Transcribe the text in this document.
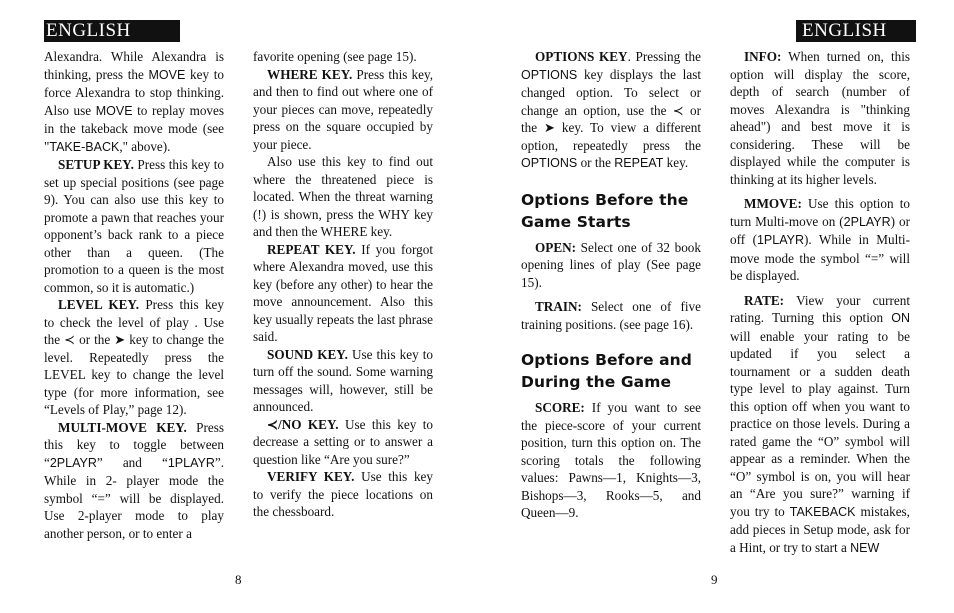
ENGLISH	ENGLISH

Alexandra. While Alexandra is thinking, press the MOVE key to force Alexandra to stop thinking. Also use MOVE to replay moves in the takeback move mode (see "TAKE-BACK," above).

SETUP KEY. Press this key to set up special positions (see page 9). You can also use this key to promote a pawn that reaches your opponent’s back rank to a piece other than a queen. (The promotion to a queen is the most common, so it is automatic.)

LEVEL KEY. Press this key to check the level of play . Use the ≺ or the ➤ key to change the level. Repeatedly press the LEVEL key to change the level type (for more information, see “Levels of Play,” page 12).

MULTI-MOVE KEY. Press this key to toggle between “2PLAYR” and “1PLAYR”. While in 2- player mode the symbol “=” will be displayed. Use 2-player mode to play another person, or to enter a

favorite opening (see page 15).

WHERE KEY. Press this key, and then to find out where one of your pieces can move, repeatedly press on the square occupied by your piece.

Also use this key to find out where the threatened piece is located. When the threat warning (!) is shown, press the WHY key and then the WHERE key.

REPEAT KEY. If you forgot where Alexandra moved, use this key (before any other) to hear the move announcement. Also this key usually repeats the last phrase said.

SOUND KEY. Use this key to turn off the sound. Some warning messages will, however, still be announced.

≺/NO KEY. Use this key to decrease a setting or to answer a question like “Are you sure?”

VERIFY KEY. Use this key to verify the piece locations on the chessboard.

OPTIONS KEY. Pressing the OPTIONS key displays the last changed option. To select or change an option, use the ≺ or the ➤ key. To view a different option, repeatedly press the OPTIONS or the REPEAT key.

Options Before the Game Starts

OPEN: Select one of 32 book opening lines of play (See page 15).

TRAIN: Select one of five training positions. (see page 16).

Options Before and During the Game

SCORE: If you want to see the piece-score of your current position, turn this option on. The scoring totals the following values: Pawns—1, Knights—3, Bishops—3, Rooks—5, and Queen—9.

INFO: When turned on, this option will display the score, depth of search (number of moves Alexandra is "thinking ahead") and best move it is considering. These will be displayed while the computer is thinking at its higher levels.

MMOVE: Use this option to turn Multi-move on (2PLAYR) or off (1PLAYR). While in Multi-move mode the symbol “=” will be displayed.

RATE: View your current rating. Turning this option ON will enable your rating to be updated if you select a tournament or a sudden death type level to play against. Turn this option off when you want to practice on those levels. During a rated game the “O” symbol will appear as a reminder. When the “O” symbol is on, you will hear an “Are you sure?” warning if you try to TAKEBACK mistakes, add pieces in Setup mode, ask for a Hint, or try to start a NEW

8	9
